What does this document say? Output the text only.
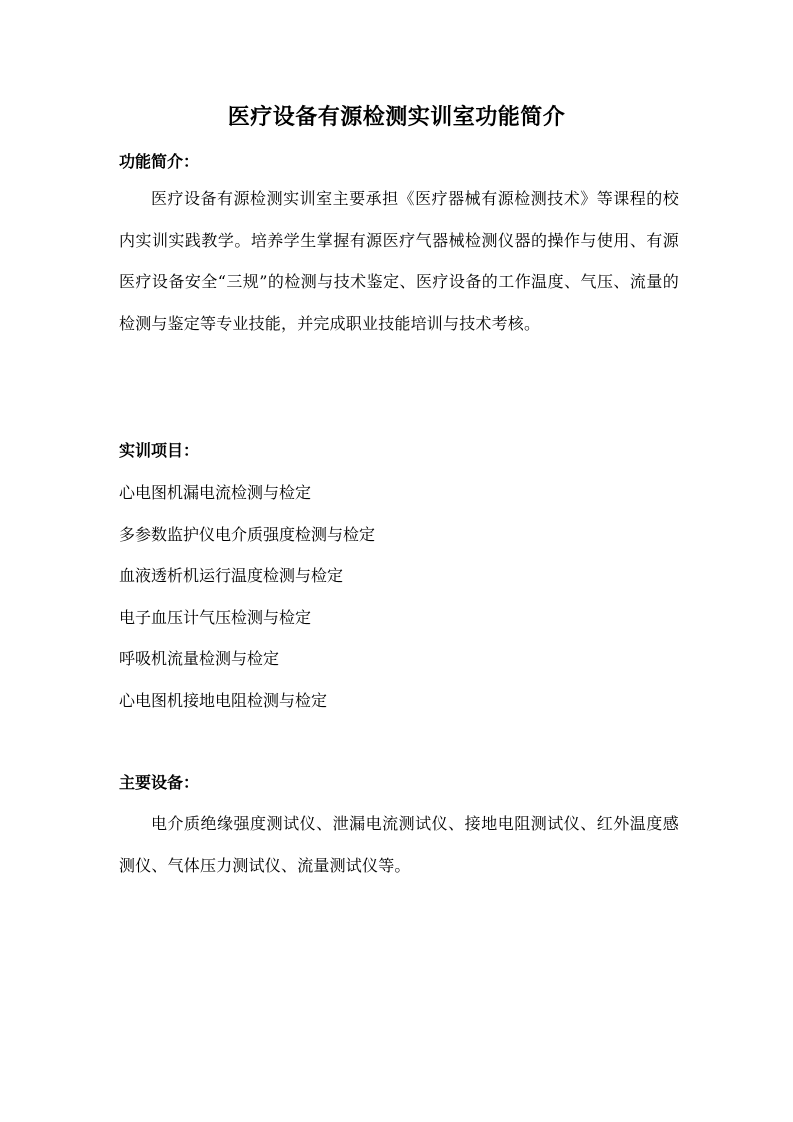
医疗设备有源检测实训室功能简介
功能简介：
医疗设备有源检测实训室主要承担《医疗器械有源检测技术》等课程的校内实训实践教学。培养学生掌握有源医疗气器械检测仪器的操作与使用、有源医疗设备安全“三规”的检测与技术鉴定、医疗设备的工作温度、气压、流量的检测与鉴定等专业技能，并完成职业技能培训与技术考核。
实训项目：
心电图机漏电流检测与检定
多参数监护仪电介质强度检测与检定
血液透析机运行温度检测与检定
电子血压计气压检测与检定
呼吸机流量检测与检定
心电图机接地电阻检测与检定
主要设备：
电介质绝缘强度测试仪、泄漏电流测试仪、接地电阻测试仪、红外温度感测仪、气体压力测试仪、流量测试仪等。
